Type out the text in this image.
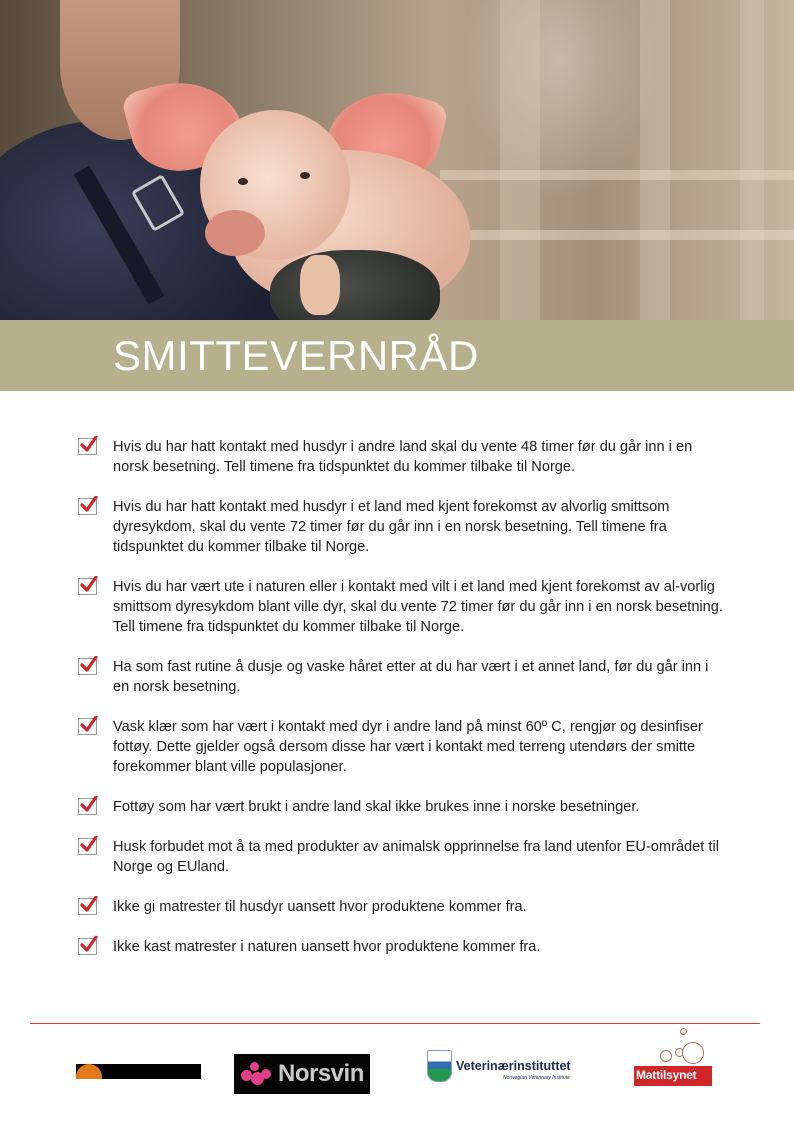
SMITTEVERNRÅD
Hvis du har hatt kontakt med husdyr i andre land skal du vente 48 timer før du går inn i en norsk besetning. Tell timene fra tidspunktet du kommer tilbake til Norge.
Hvis du har hatt kontakt med husdyr i et land med kjent forekomst av alvorlig smittsom dyresykdom, skal du vente 72 timer før du går inn i en norsk besetning. Tell timene fra tidspunktet du kommer tilbake til Norge.
Hvis du har vært ute i naturen eller i kontakt med vilt i et land med kjent forekomst av al-vorlig smittsom dyresykdom blant ville dyr, skal du vente 72 timer før du går inn i en norsk besetning. Tell timene fra tidspunktet du kommer tilbake til Norge.
Ha som fast rutine å dusje og vaske håret etter at du har vært i et annet land, før du går inn i en norsk besetning.
Vask klær som har vært i kontakt med dyr i andre land på minst 60º C, rengjør og desinfiser fottøy. Dette gjelder også dersom disse har vært i kontakt med terreng utendørs der smitte forekommer blant ville populasjoner.
Fottøy som har vært brukt i andre land skal ikke brukes inne i norske besetninger.
Husk forbudet mot å ta med produkter av animalsk opprinnelse fra land utenfor EU-området til Norge og EUland.
Ikke gi matrester til husdyr uansett hvor produktene kommer fra.
Ikke kast matrester i naturen uansett hvor produktene kommer fra.
Norsvin	Veterinærinstituttet
Norwegian Veterinary Institute	Mattilsynet
